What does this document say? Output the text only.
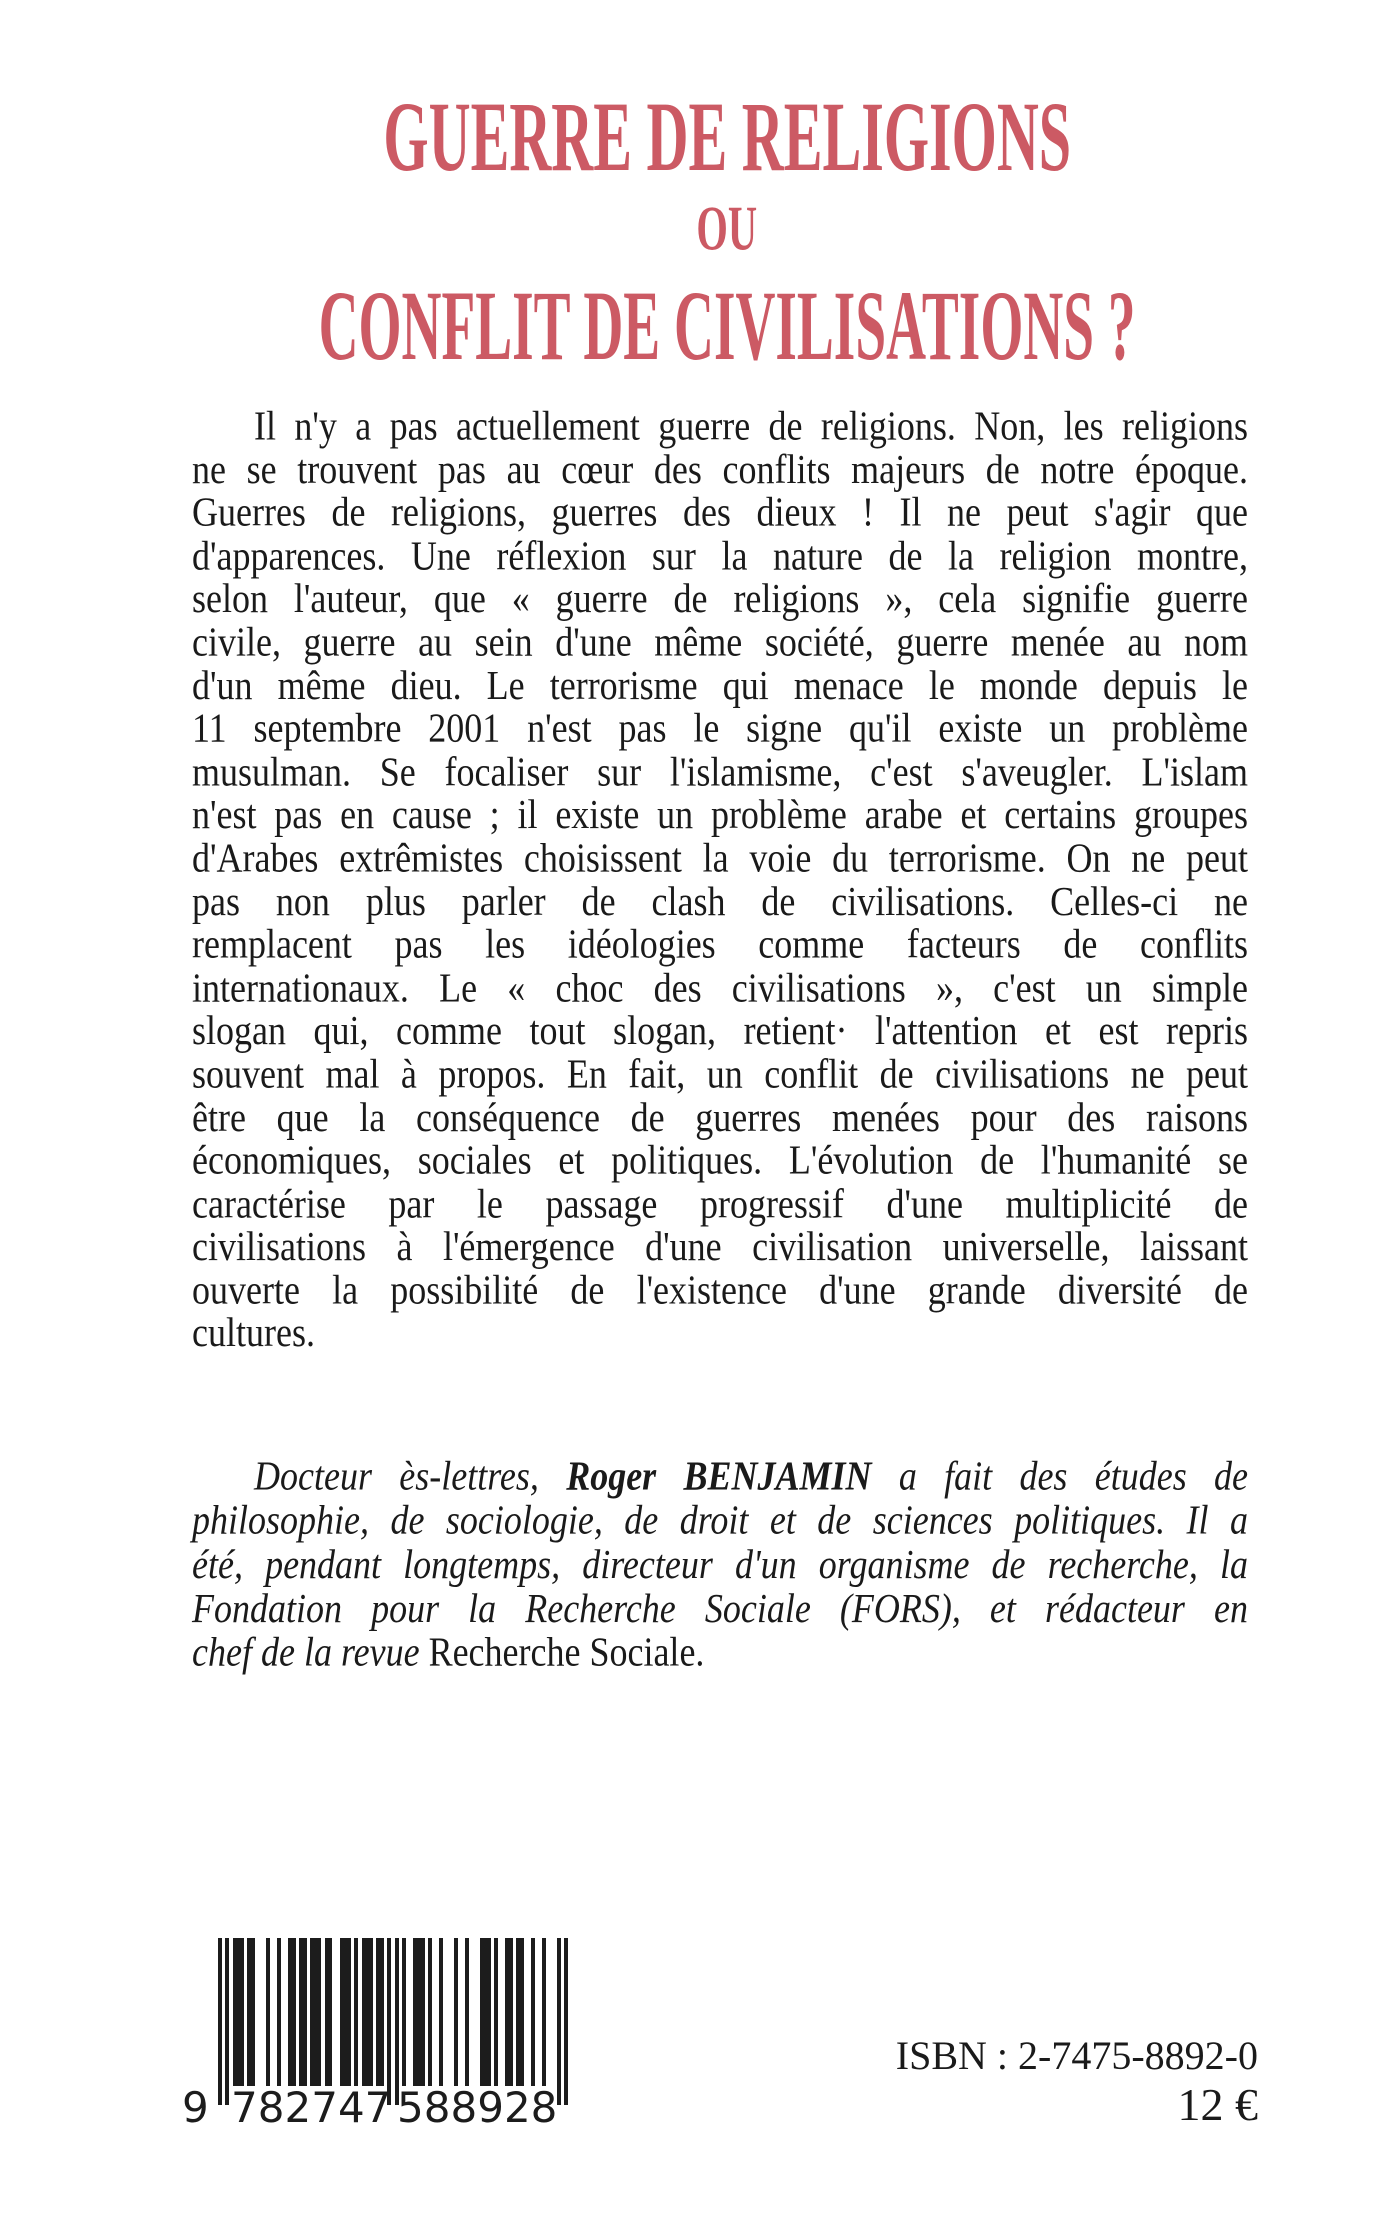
GUERRE DE RELIGIONS
OU
CONFLIT DE CIVILISATIONS ?
Il n'y a pas actuellement guerre de religions. Non, les religions
ne se trouvent pas au cœur des conflits majeurs de notre époque.
Guerres de religions, guerres des dieux ! Il ne peut s'agir que
d'apparences. Une réflexion sur la nature de la religion montre,
selon l'auteur, que « guerre de religions », cela signifie guerre
civile, guerre au sein d'une même société, guerre menée au nom
d'un même dieu. Le terrorisme qui menace le monde depuis le
11 septembre 2001 n'est pas le signe qu'il existe un problème
musulman. Se focaliser sur l'islamisme, c'est s'aveugler. L'islam
n'est pas en cause ; il existe un problème arabe et certains groupes
d'Arabes extrêmistes choisissent la voie du terrorisme. On ne peut
pas non plus parler de clash de civilisations. Celles-ci ne
remplacent pas les idéologies comme facteurs de conflits
internationaux. Le « choc des civilisations », c'est un simple
slogan qui, comme tout slogan, retient· l'attention et est repris
souvent mal à propos. En fait, un conflit de civilisations ne peut
être que la conséquence de guerres menées pour des raisons
économiques, sociales et politiques. L'évolution de l'humanité se
caractérise par le passage progressif d'une multiplicité de
civilisations à l'émergence d'une civilisation universelle, laissant
ouverte la possibilité de l'existence d'une grande diversité de
cultures.
Docteur ès-lettres, Roger BENJAMIN a fait des études de
philosophie, de sociologie, de droit et de sciences politiques. Il a
été, pendant longtemps, directeur d'un organisme de recherche, la
Fondation pour la Recherche Sociale (FORS), et rédacteur en
chef de la revue Recherche Sociale.
9 7 8 2 7 4 7 5 8 8 9 2 8
ISBN : 2-7475-8892-0
12 €
